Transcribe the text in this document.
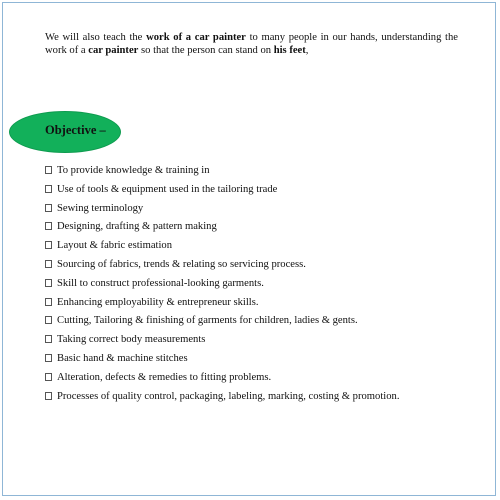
We will also teach the work of a car painter to many people in our hands, understanding the work of a car painter so that the person can stand on his feet,

Objective –
To provide knowledge & training in
Use of tools & equipment used in the tailoring trade
Sewing terminology
Designing, drafting & pattern making
Layout & fabric estimation
Sourcing of fabrics, trends & relating so servicing process.
Skill to construct professional-looking garments.
Enhancing employability & entrepreneur skills.
Cutting, Tailoring & finishing of garments for children, ladies & gents.
Taking correct body measurements
Basic hand & machine stitches
Alteration, defects & remedies to fitting problems.
Processes of quality control, packaging, labeling, marking, costing & promotion.
